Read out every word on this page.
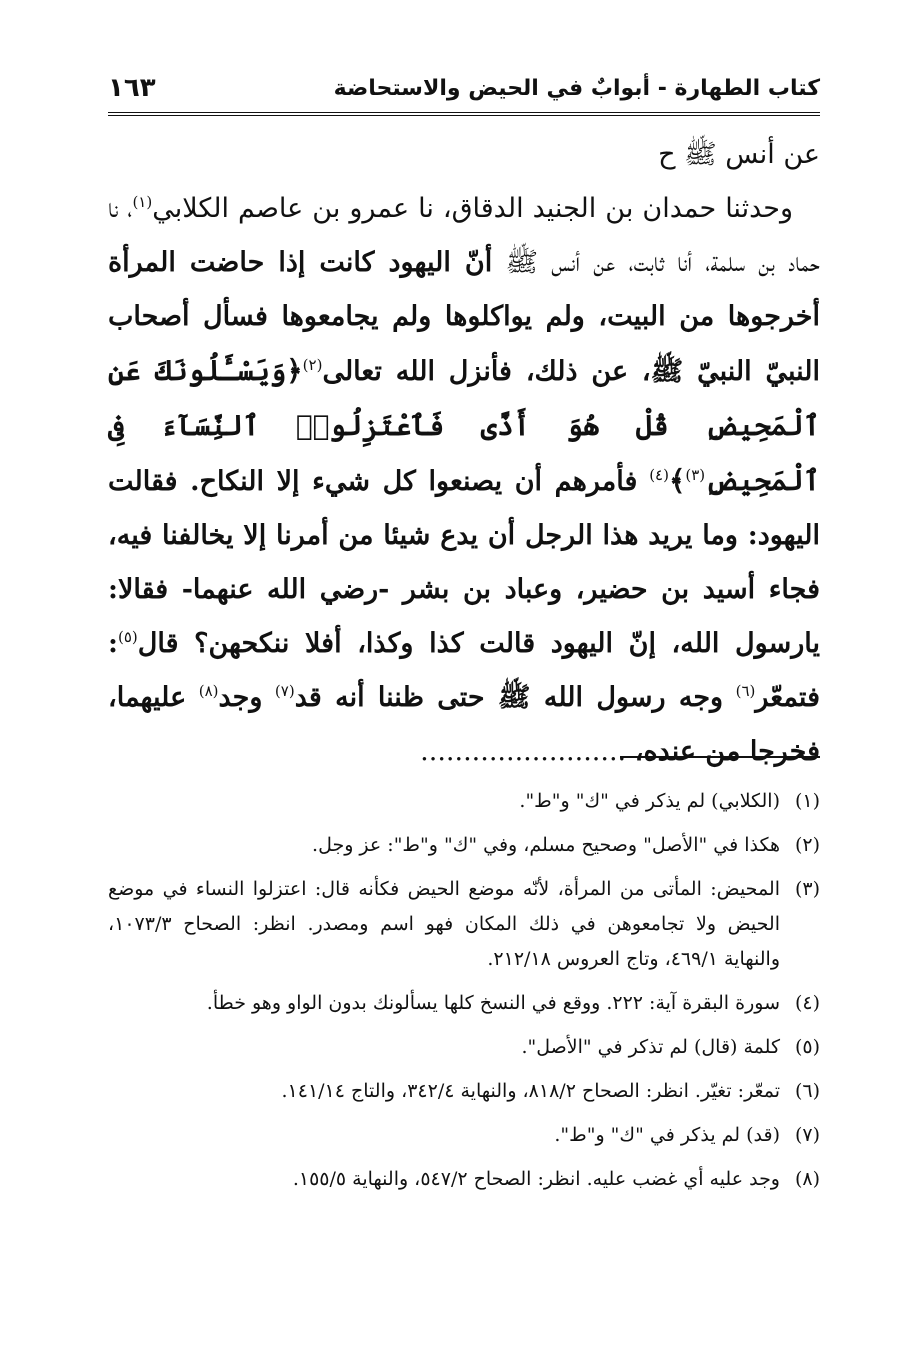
كتاب الطهارة - أبوابٌ في الحيض والاستحاضة
١٦٣

عن أنس ﷺ ح

 وحدثنا حمدان بن الجنيد الدقاق، نا عمرو بن عاصم الكلابي$^{(١)}$، نا حماد بن سلمة، أنا ثابت، عن أنس ﷺ أنّ اليهود كانت إذا حاضت المرأة أخرجوها من البيت، ولم يواكلوها ولم يجامعوها فسأل أصحاب النبيّ النبيّ ﷺ، عن ذلك، فأنزل الله تعالى$^{(٢)}$﴿وَيَسْـَٔلُونَكَ عَنِ ٱلْمَحِيضِ قُلْ هُوَ أَذًى فَٱعْتَزِلُوا۟ ٱلنِّسَآءَ فِى ٱلْمَحِيضِ$^{(٣)}$﴾$^{(٤)}$ فأمرهم أن يصنعوا كل شيء إلا النكاح. فقالت اليهود: وما يريد هذا الرجل أن يدع شيئا من أمرنا إلا يخالفنا فيه، فجاء أسيد بن حضير، وعباد بن بشر -رضي الله عنهما- فقالا: يارسول الله، إنّ اليهود قالت كذا وكذا، أفلا ننكحهن؟ قال$^{(٥)}$: فتمعّر$^{(٦)}$ وجه رسول الله ﷺ حتى ظننا أنه قد$^{(٧)}$ وجد$^{(٨)}$ عليهما، فخرجا من عنده، ........................

(١)
(الكلابي) لم يذكر في "ك" و"ط".
(٢)
هكذا في "الأصل" وصحيح مسلم، وفي "ك" و"ط": عز وجل.
(٣)
المحيض: المأتى من المرأة، لأنّه موضع الحيض فكأنه قال: اعتزلوا النساء في موضع الحيض ولا تجامعوهن في ذلك المكان فهو اسم ومصدر. انظر: الصحاح ١٠٧٣/٣، والنهاية ٤٦٩/١، وتاج العروس ٢١٢/١٨.
(٤)
سورة البقرة آية: ٢٢٢. ووقع في النسخ كلها يسألونك بدون الواو وهو خطأ.
(٥)
كلمة (قال) لم تذكر في "الأصل".
(٦)
تمعّر: تغيّر. انظر: الصحاح ٨١٨/٢، والنهاية ٣٤٢/٤، والتاج ١٤١/١٤.
(٧)
(قد) لم يذكر في "ك" و"ط".
(٨)
وجد عليه أي غضب عليه. انظر: الصحاح ٥٤٧/٢، والنهاية ١٥٥/٥.
